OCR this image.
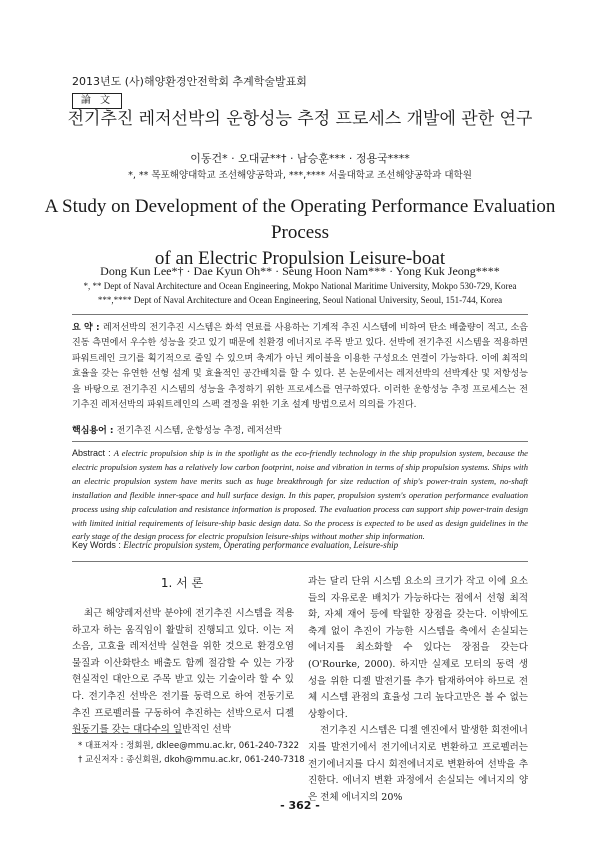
2013년도 (사)해양환경안전학회 추계학술발표회
論 文
전기추진 레저선박의 운항성능 추정 프로세스 개발에 관한 연구
이동건* · 오대균**† · 남승훈*** · 정용국****
*, ** 목포해양대학교 조선해양공학과, ***,**** 서울대학교 조선해양공학과 대학원
A Study on Development of the Operating Performance Evaluation Process
of an Electric Propulsion Leisure-boat
Dong Kun Lee*† · Dae Kyun Oh** · Seung Hoon Nam*** · Yong Kuk Jeong****
*, ** Dept of Naval Architecture and Ocean Engineering, Mokpo National Maritime University, Mokpo 530-729, Korea
***,**** Dept of Naval Architecture and Ocean Engineering, Seoul National University, Seoul, 151-744, Korea
요 약 : 레저선박의 전기추진 시스템은 화석 연료를 사용하는 기계적 추진 시스템에 비하여 탄소 배출량이 적고, 소음 진동 측면에서 우수한 성능을 갖고 있기 때문에 친환경 에너지로 주목 받고 있다. 선박에 전기추진 시스템을 적용하면 파워트레인 크기를 획기적으로 줄일 수 있으며 축계가 아닌 케이블을 이용한 구성요소 연결이 가능하다. 이에 최적의 효율을 갖는 유연한 선형 설계 및 효율적인 공간배치를 할 수 있다. 본 논문에서는 레저선박의 선박계산 및 저항성능을 바탕으로 전기추진 시스템의 성능을 추정하기 위한 프로세스를 연구하였다. 이러한 운항성능 추정 프로세스는 전기추진 레저선박의 파워트레인의 스펙 결정을 위한 기초 설계 방법으로서 의의를 가진다.
핵심용어 : 전기추진 시스템, 운항성능 추정, 레저선박
Abstract : A electric propulsion ship is in the spotlight as the eco-friendly technology in the ship propulsion system, because the electric propulsion system has a relatively low carbon footprint, noise and vibration in terms of ship propulsion systems. Ships with an electric propulsion system have merits such as huge breakthrough for size reduction of ship's power-train system, no-shaft installation and flexible inner-space and hull surface design. In this paper, propulsion system's operation performance evaluation process using ship calculation and resistance information is proposed. The evaluation process can support ship power-train design with limited initial requirements of leisure-ship basic design data. So the process is expected to be used as design guidelines in the early stage of the design process for electric propulsion leisure-ships without mother ship information.
Key Words : Electric propulsion system, Operating performance evaluation, Leisure-ship
1. 서 론

최근 해양레저선박 분야에 전기추진 시스템을 적용하고자 하는 움직임이 활발히 진행되고 있다. 이는 저소음, 고효율 레저선박 실현을 위한 것으로 환경오염 물질과 이산화탄소 배출도 함께 절감할 수 있는 가장 현실적인 대안으로 주목 받고 있는 기술이라 할 수 있다. 전기추진 선박은 전기를 동력으로 하여 전동기로 추진 프로펠러를 구동하여 추진하는 선박으로서 디젤 원동기를 갖는 대다수의 일반적인 선박

과는 달리 단위 시스템 요소의 크기가 작고 이에 요소들의 자유로운 배치가 가능하다는 점에서 선형 최적화, 자체 재어 등에 탁월한 장점을 갖는다. 이밖에도 축계 없이 추진이 가능한 시스템을 축에서 손실되는 에너지를 최소화할 수 있다는 장점을 갖는다(O'Rourke, 2000). 하지만 실제로 모터의 동력 생성을 위한 디젤 발전기를 추가 탑재하여야 하므로 전체 시스템 관점의 효율성 그리 높다고만은 볼 수 없는 상황이다.

전기추진 시스템은 디젤 엔진에서 발생한 회전에너지를 발전기에서 전기에너지로 변환하고 프로펠러는 전기에너지를 다시 회전에너지로 변환하여 선박을 추진한다. 에너지 변환 과정에서 손실되는 에너지의 양은 전체 에너지의 20%

* 대표저자 : 정회원, dklee@mmu.ac.kr, 061-240-7322
† 교신저자 : 종신회원, dkoh@mmu.ac.kr, 061-240-7318
- 362 -
